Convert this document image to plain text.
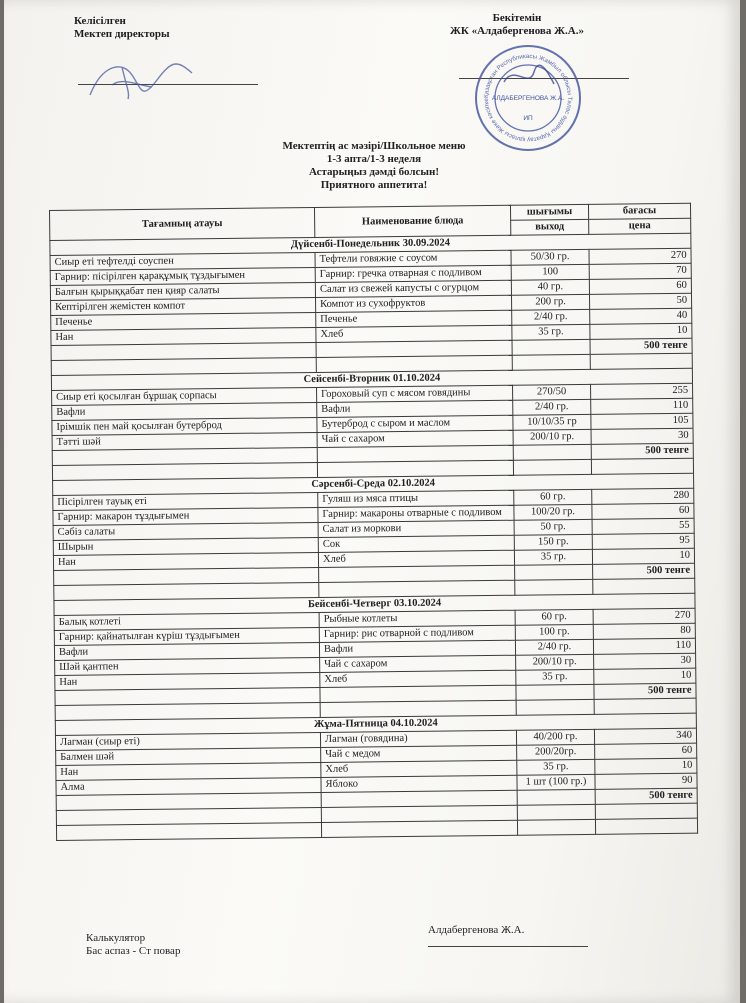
Келісілген
Мектеп директоры
Бекітемін
ЖК «Алдабергенова Ж.А.»
Қазақстан Республикасы Жамбыл облысы Талас ауданы Қаратау қаласы Жеке кәсіпке АЛДАБЕРГЕНОВА Ж.А.
ИП
Мектептің ас мәзірі/Школьное меню
1-3 апта/1-3 неделя
Астарыңыз дәмді болсын!
Приятного аппетита!
Тағамның атауы	Наименование блюда	шығымы	бағасы
		выход	цена
Дүйсенбі-Понедельник 30.09.2024			
Сиыр еті тефтелді соуспен	Тефтели говяжие с соусом	50/30 гр.	270
Гарнир: пісірілген қарақұмық тұздығымен	Гарнир: гречка отварная с подливом	100	70
Балғын қырыққабат пен қияр салаты	Салат из свежей капусты с огурцом	40 гр.	60
Кептірілген жемістен компот	Компот из сухофруктов	200 гр.	50
Печенье	Печенье	2/40 гр.	40
Нан	Хлеб	35 гр.	10
			500 тенге

Сейсенбі-Вторник 01.10.2024			
Сиыр еті қосылған бұршақ сорпасы	Гороховый суп с мясом говядины	270/50	255
Вафли	Вафли	2/40 гр.	110
Ірімшік пен май қосылған бутерброд	Бутерброд с сыром и маслом	10/10/35 гр	105
Тәтті шәй	Чай с сахаром	200/10 гр.	30
			500 тенге

Сәрсенбі-Среда 02.10.2024			
Пісірілген тауық еті	Гуляш из мяса птицы	60 гр.	280
Гарнир: макарон тұздығымен	Гарнир: макароны отварные с подливом	100/20 гр.	60
Сәбіз салаты	Салат из моркови	50 гр.	55
Шырын	Сок	150 гр.	95
Нан	Хлеб	35 гр.	10
			500 тенге

Бейсенбі-Четверг 03.10.2024			
Балық котлеті	Рыбные котлеты	60 гр.	270
Гарнир: қайнатылған күріш тұздығымен	Гарнир: рис отварной с подливом	100 гр.	80
Вафли	Вафли	2/40 гр.	110
Шәй қантпен	Чай с сахаром	200/10 гр.	30
Нан	Хлеб	35 гр.	10
			500 тенге

Жұма-Пятница 04.10.2024			
Лагман (сиыр еті)	Лагман (говядина)	40/200 гр.	340
Балмен шәй	Чай с медом	200/20гр.	60
Нан	Хлеб	35 гр.	10
Алма	Яблоко	1 шт (100 гр.)	90
			500 тенге

Калькулятор
Бас аспаз - Ст повар
Алдабергенова Ж.А.
